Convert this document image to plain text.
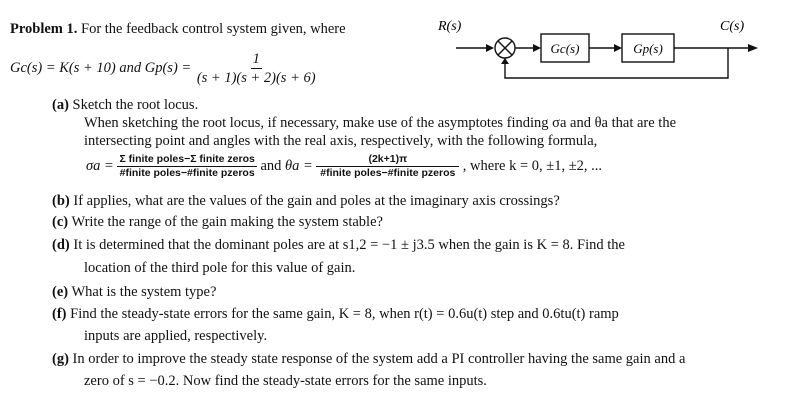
Problem 1. For the feedback control system given, where
Gc(s) = K(s + 10) and $Gp(s) = \frac{1}{(s + 1)(s + 2)(s + 6)}$
R(s)
Gc(s)	Gp(s)
C(s)
(a) Sketch the root locus.
When sketching the root locus, if necessary, make use of the asymptotes finding σa and θa that are the
intersecting point and angles with the real axis, respectively, with the following formula,
$\sigma a = \frac{\text{Σ finite poles−Σ finite zeros}}{\text{\#finite poles−\#finite pzeros}}$ and $\theta a = \frac{(2k+1)\pi}{\text{\#finite poles−\#finite pzeros}}$ , where k = 0, ±1, ±2, ...
(b) If applies, what are the values of the gain and poles at the imaginary axis crossings?
(c) Write the range of the gain making the system stable?
(d) It is determined that the dominant poles are at s1,2 = −1 ± j3.5 when the gain is K = 8. Find the
location of the third pole for this value of gain.
(e) What is the system type?
(f) Find the steady-state errors for the same gain, K = 8, when r(t) = 0.6u(t) step and 0.6tu(t) ramp
inputs are applied, respectively.
(g) In order to improve the steady state response of the system add a PI controller having the same gain and a
zero of s = −0.2. Now find the steady-state errors for the same inputs.
